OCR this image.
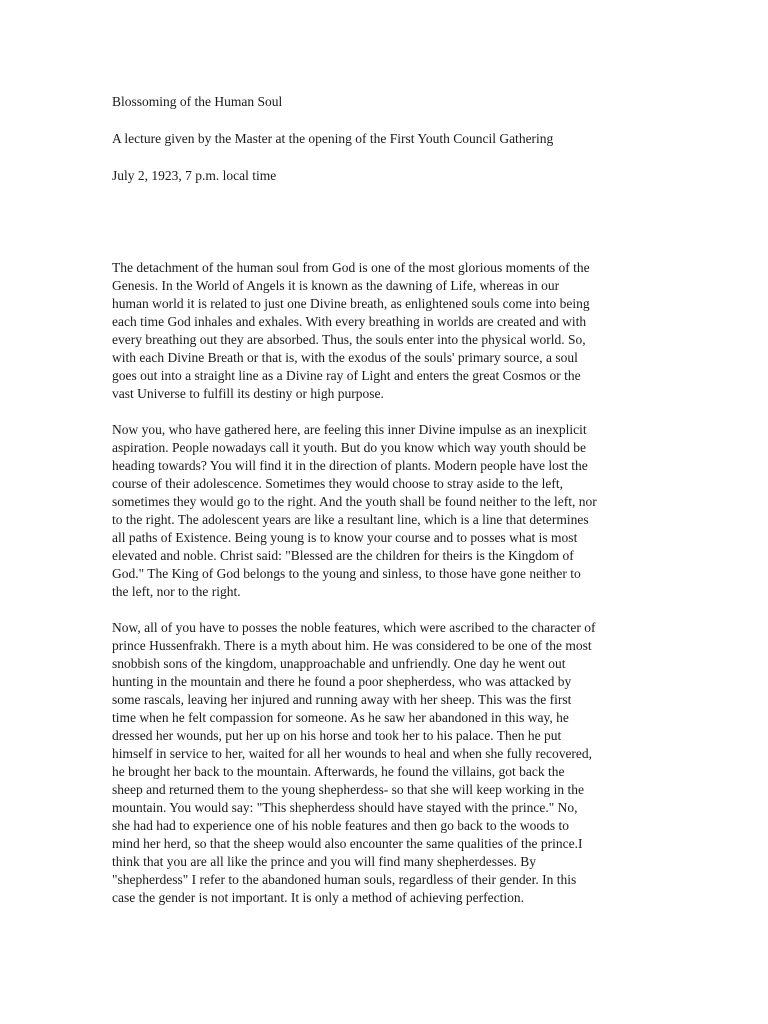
Blossoming of the Human Soul
A lecture given by the Master at the opening of the First Youth Council Gathering
July 2, 1923, 7 p.m. local time

The detachment of the human soul from God is one of the most glorious moments of the
Genesis. In the World of Angels it is known as the dawning of Life, whereas in our
human world it is related to just one Divine breath, as enlightened souls come into being
each time God inhales and exhales. With every breathing in worlds are created and with
every breathing out they are absorbed. Thus, the souls enter into the physical world. So,
with each Divine Breath or that is, with the exodus of the souls' primary source, a soul
goes out into a straight line as a Divine ray of Light and enters the great Cosmos or the
vast Universe to fulfill its destiny or high purpose.

Now you, who have gathered here, are feeling this inner Divine impulse as an inexplicit
aspiration. People nowadays call it youth. But do you know which way youth should be
heading towards? You will find it in the direction of plants. Modern people have lost the
course of their adolescence. Sometimes they would choose to stray aside to the left,
sometimes they would go to the right. And the youth shall be found neither to the left, nor
to the right. The adolescent years are like a resultant line, which is a line that determines
all paths of Existence. Being young is to know your course and to posses what is most
elevated and noble. Christ said: "Blessed are the children for theirs is the Kingdom of
God." The King of God belongs to the young and sinless, to those have gone neither to
the left, nor to the right.

Now, all of you have to posses the noble features, which were ascribed to the character of
prince Hussenfrakh. There is a myth about him. He was considered to be one of the most
snobbish sons of the kingdom, unapproachable and unfriendly. One day he went out
hunting in the mountain and there he found a poor shepherdess, who was attacked by
some rascals, leaving her injured and running away with her sheep. This was the first
time when he felt compassion for someone. As he saw her abandoned in this way, he
dressed her wounds, put her up on his horse and took her to his palace. Then he put
himself in service to her, waited for all her wounds to heal and when she fully recovered,
he brought her back to the mountain. Afterwards, he found the villains, got back the
sheep and returned them to the young shepherdess- so that she will keep working in the
mountain. You would say: "This shepherdess should have stayed with the prince." No,
she had had to experience one of his noble features and then go back to the woods to
mind her herd, so that the sheep would also encounter the same qualities of the prince.I
think that you are all like the prince and you will find many shepherdesses. By
"shepherdess" I refer to the abandoned human souls, regardless of their gender. In this
case the gender is not important. It is only a method of achieving perfection.
